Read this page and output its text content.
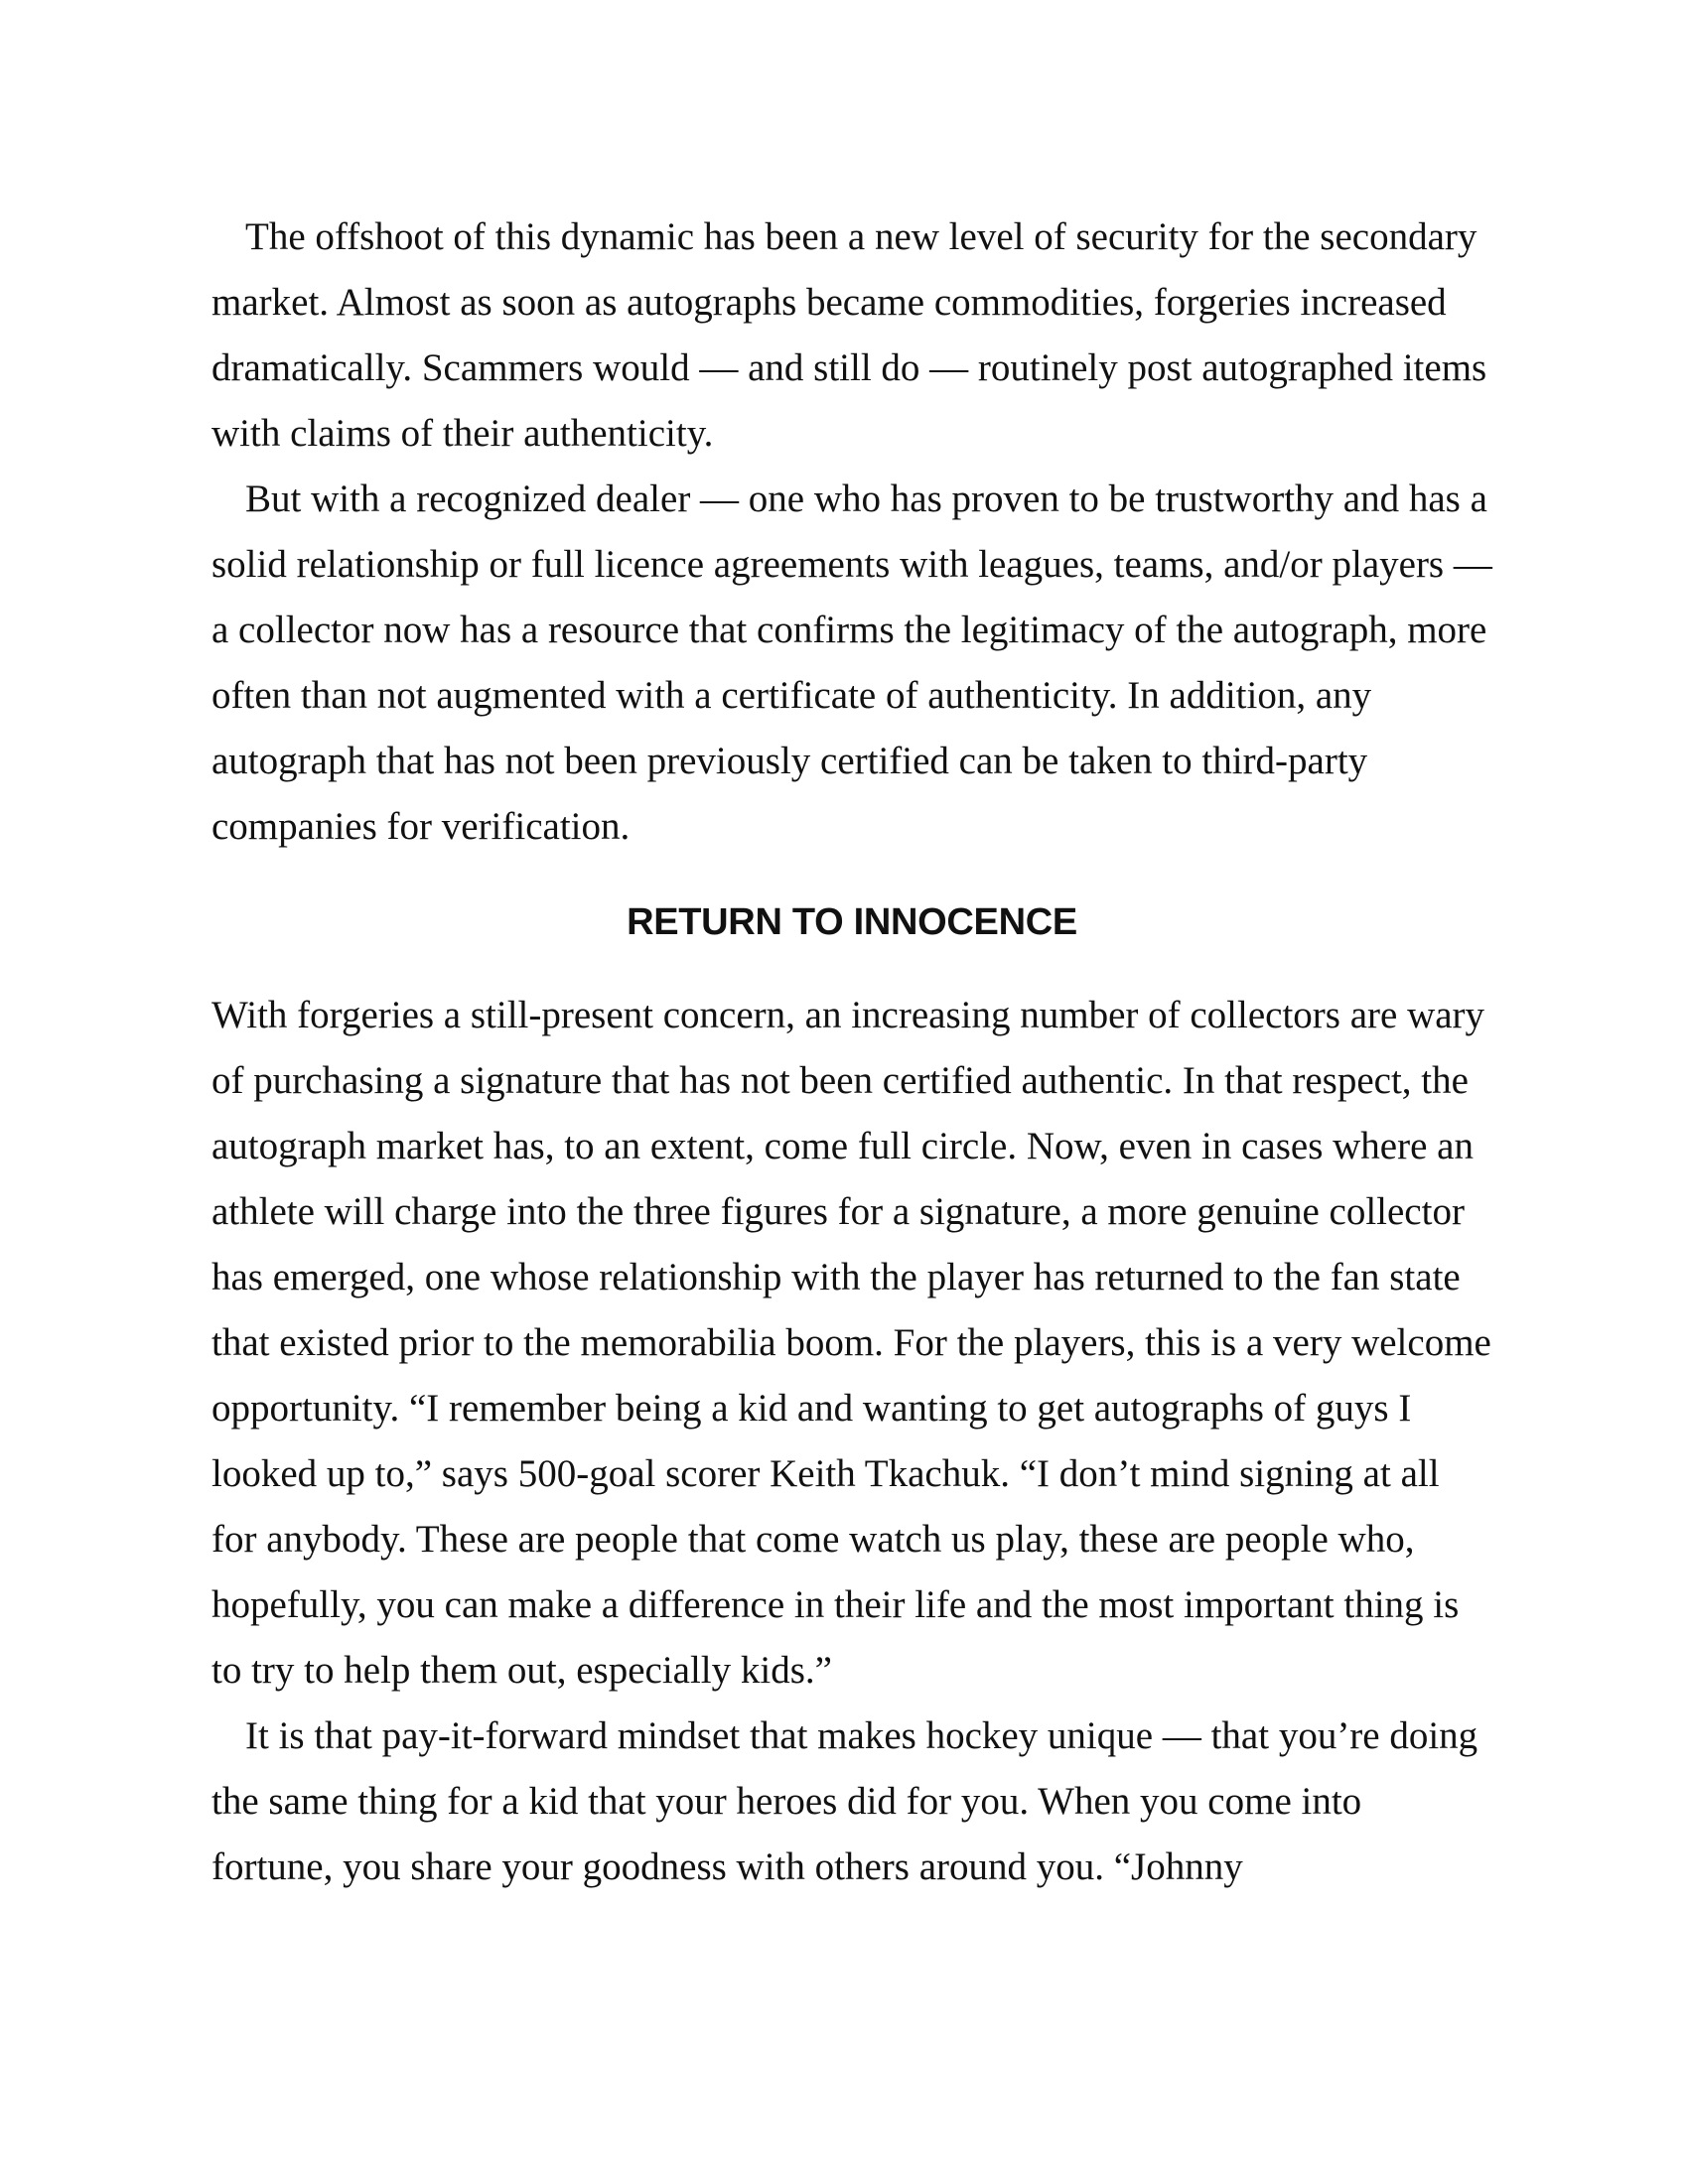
The offshoot of this dynamic has been a new level of security for the secondary market. Almost as soon as autographs became commodities, forgeries increased dramatically. Scammers would — and still do — routinely post autographed items with claims of their authenticity.

But with a recognized dealer — one who has proven to be trustworthy and has a solid relationship or full licence agreements with leagues, teams, and/or players — a collector now has a resource that confirms the legitimacy of the autograph, more often than not augmented with a certificate of authenticity. In addition, any autograph that has not been previously certified can be taken to third-party companies for verification.

RETURN TO INNOCENCE

With forgeries a still-present concern, an increasing number of collectors are wary of purchasing a signature that has not been certified authentic. In that respect, the autograph market has, to an extent, come full circle. Now, even in cases where an athlete will charge into the three figures for a signature, a more genuine collector has emerged, one whose relationship with the player has returned to the fan state that existed prior to the memorabilia boom. For the players, this is a very welcome opportunity. “I remember being a kid and wanting to get autographs of guys I looked up to,” says 500-goal scorer Keith Tkachuk. “I don’t mind signing at all for anybody. These are people that come watch us play, these are people who, hopefully, you can make a difference in their life and the most important thing is to try to help them out, especially kids.”

It is that pay-it-forward mindset that makes hockey unique — that you’re doing the same thing for a kid that your heroes did for you. When you come into fortune, you share your goodness with others around you. “Johnny
